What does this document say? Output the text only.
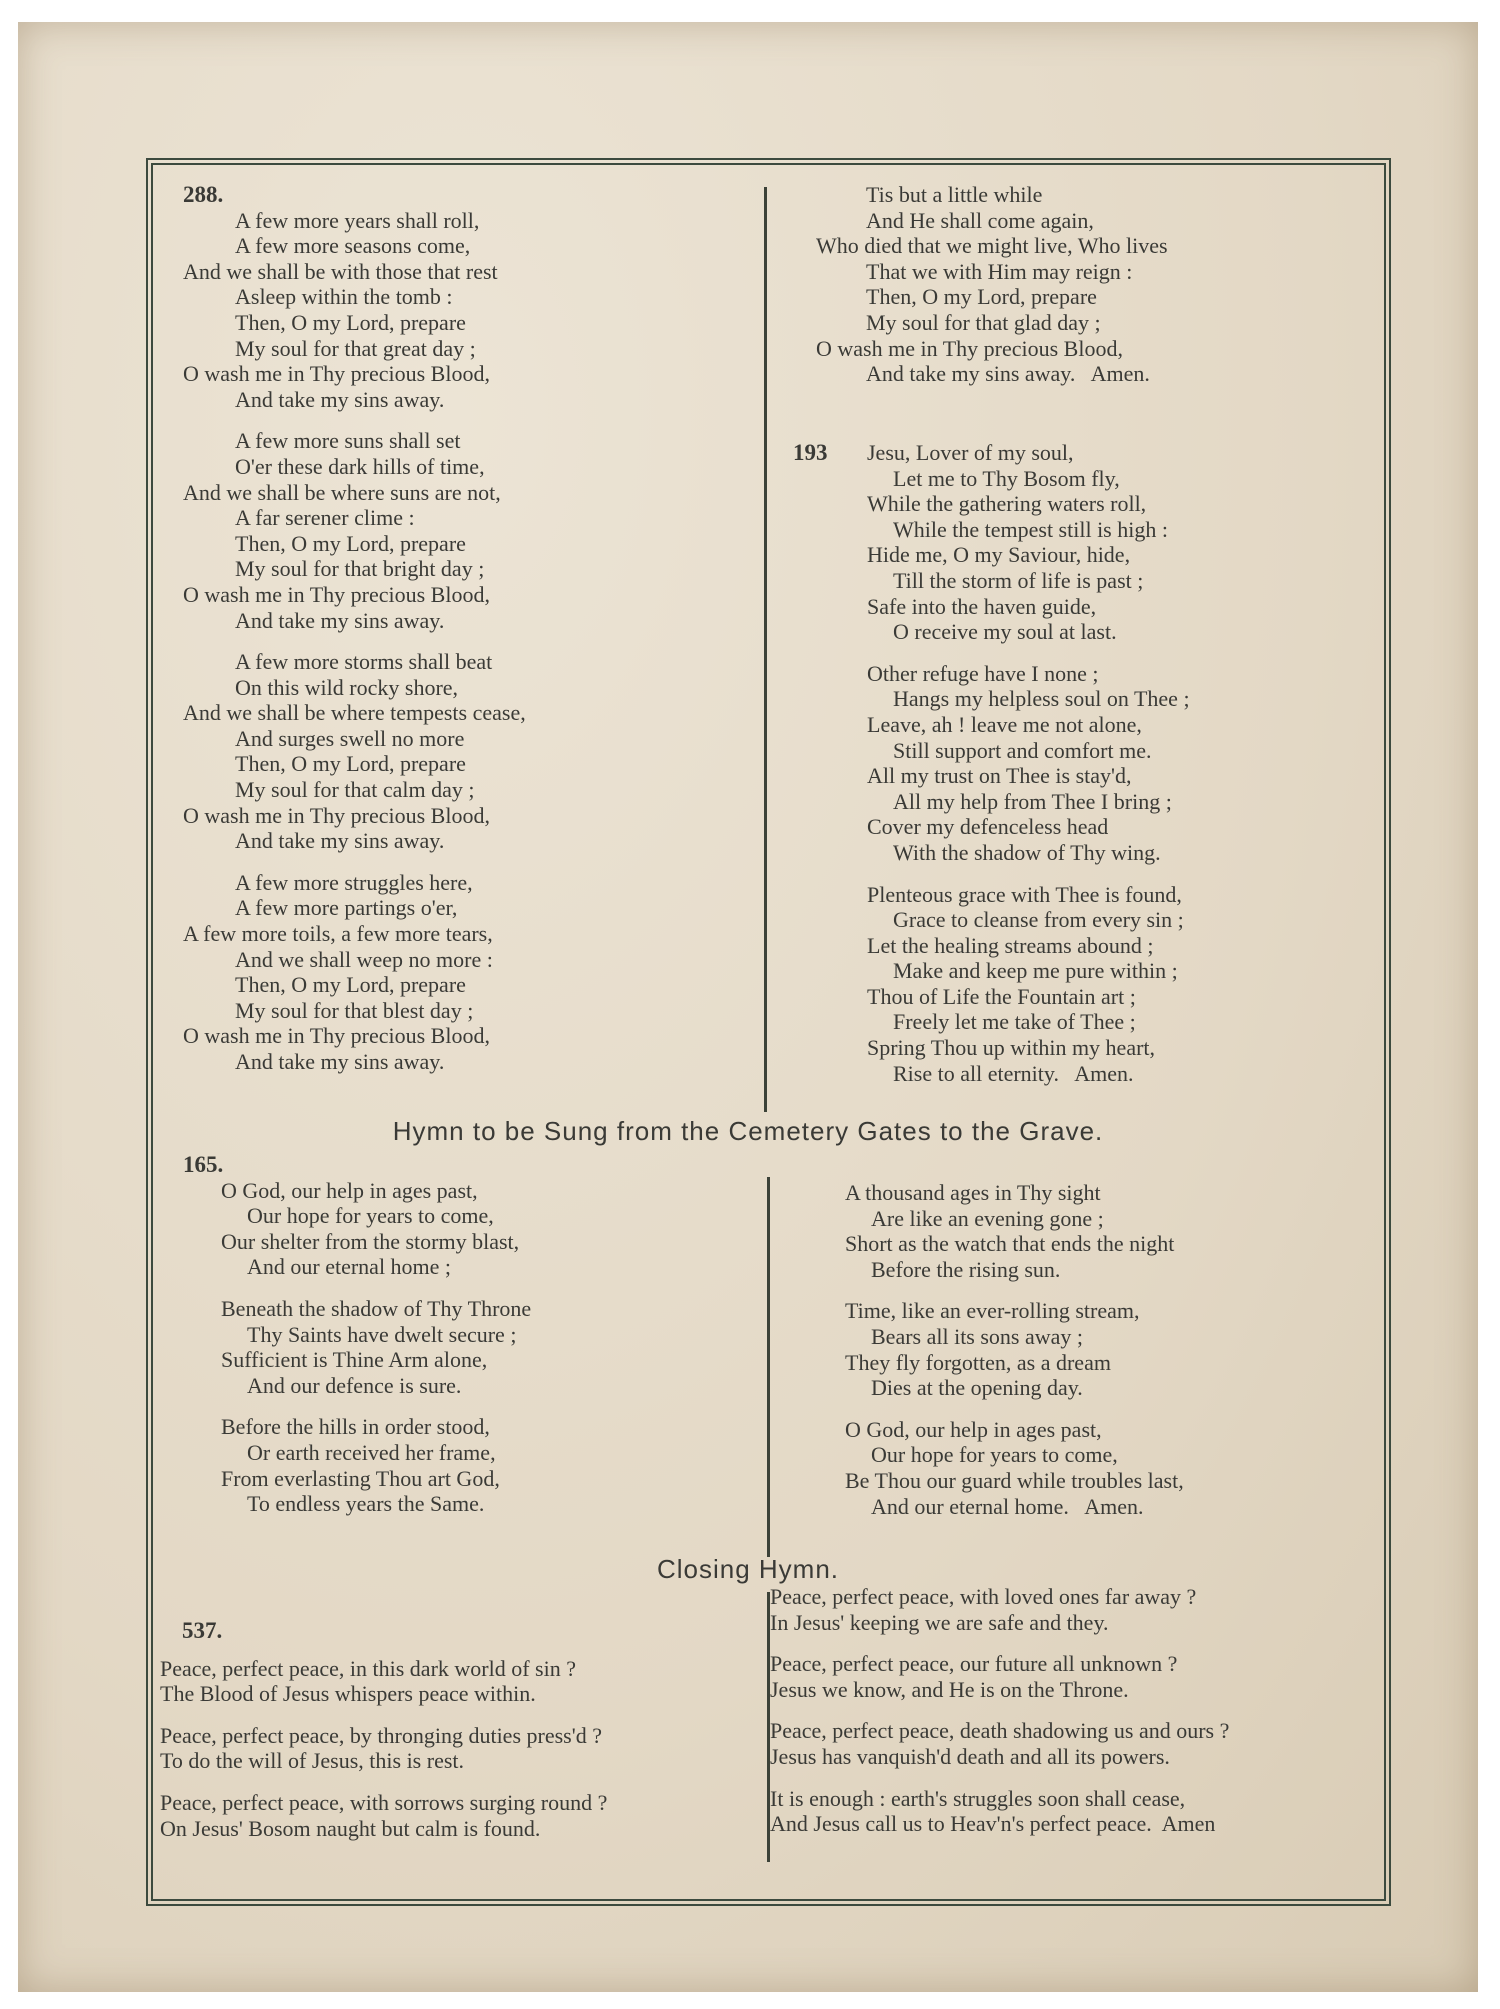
288.
A few more years shall roll,
A few more seasons come,
And we shall be with those that rest
Asleep within the tomb :
Then, O my Lord, prepare
My soul for that great day ;
O wash me in Thy precious Blood,
And take my sins away.
A few more suns shall set
O'er these dark hills of time,
And we shall be where suns are not,
A far serener clime :
Then, O my Lord, prepare
My soul for that bright day ;
O wash me in Thy precious Blood,
And take my sins away.
A few more storms shall beat
On this wild rocky shore,
And we shall be where tempests cease,
And surges swell no more
Then, O my Lord, prepare
My soul for that calm day ;
O wash me in Thy precious Blood,
And take my sins away.
A few more struggles here,
A few more partings o'er,
A few more toils, a few more tears,
And we shall weep no more :
Then, O my Lord, prepare
My soul for that blest day ;
O wash me in Thy precious Blood,
And take my sins away.
Tis but a little while
And He shall come again,
Who died that we might live, Who lives
That we with Him may reign :
Then, O my Lord, prepare
My soul for that glad day ;
O wash me in Thy precious Blood,
And take my sins away.   Amen.
193	Jesu, Lover of my soul,
Let me to Thy Bosom fly,
While the gathering waters roll,
While the tempest still is high :
Hide me, O my Saviour, hide,
Till the storm of life is past ;
Safe into the haven guide,
O receive my soul at last.
Other refuge have I none ;
Hangs my helpless soul on Thee ;
Leave, ah ! leave me not alone,
Still support and comfort me.
All my trust on Thee is stay'd,
All my help from Thee I bring ;
Cover my defenceless head
With the shadow of Thy wing.
Plenteous grace with Thee is found,
Grace to cleanse from every sin ;
Let the healing streams abound ;
Make and keep me pure within ;
Thou of Life the Fountain art ;
Freely let me take of Thee ;
Spring Thou up within my heart,
Rise to all eternity.   Amen.
Hymn to be Sung from the Cemetery Gates to the Grave.
165.
O God, our help in ages past,
Our hope for years to come,
Our shelter from the stormy blast,
And our eternal home ;
Beneath the shadow of Thy Throne
Thy Saints have dwelt secure ;
Sufficient is Thine Arm alone,
And our defence is sure.
Before the hills in order stood,
Or earth received her frame,
From everlasting Thou art God,
To endless years the Same.
A thousand ages in Thy sight
Are like an evening gone ;
Short as the watch that ends the night
Before the rising sun.
Time, like an ever-rolling stream,
Bears all its sons away ;
They fly forgotten, as a dream
Dies at the opening day.
O God, our help in ages past,
Our hope for years to come,
Be Thou our guard while troubles last,
And our eternal home.   Amen.
Closing Hymn.
537.
Peace, perfect peace, in this dark world of sin ?
The Blood of Jesus whispers peace within.
Peace, perfect peace, by thronging duties press'd ?
To do the will of Jesus, this is rest.
Peace, perfect peace, with sorrows surging round ?
On Jesus' Bosom naught but calm is found.
Peace, perfect peace, with loved ones far away ?
In Jesus' keeping we are safe and they.
Peace, perfect peace, our future all unknown ?
Jesus we know, and He is on the Throne.
Peace, perfect peace, death shadowing us and ours ?
Jesus has vanquish'd death and all its powers.
It is enough : earth's struggles soon shall cease,
And Jesus call us to Heav'n's perfect peace.  Amen
